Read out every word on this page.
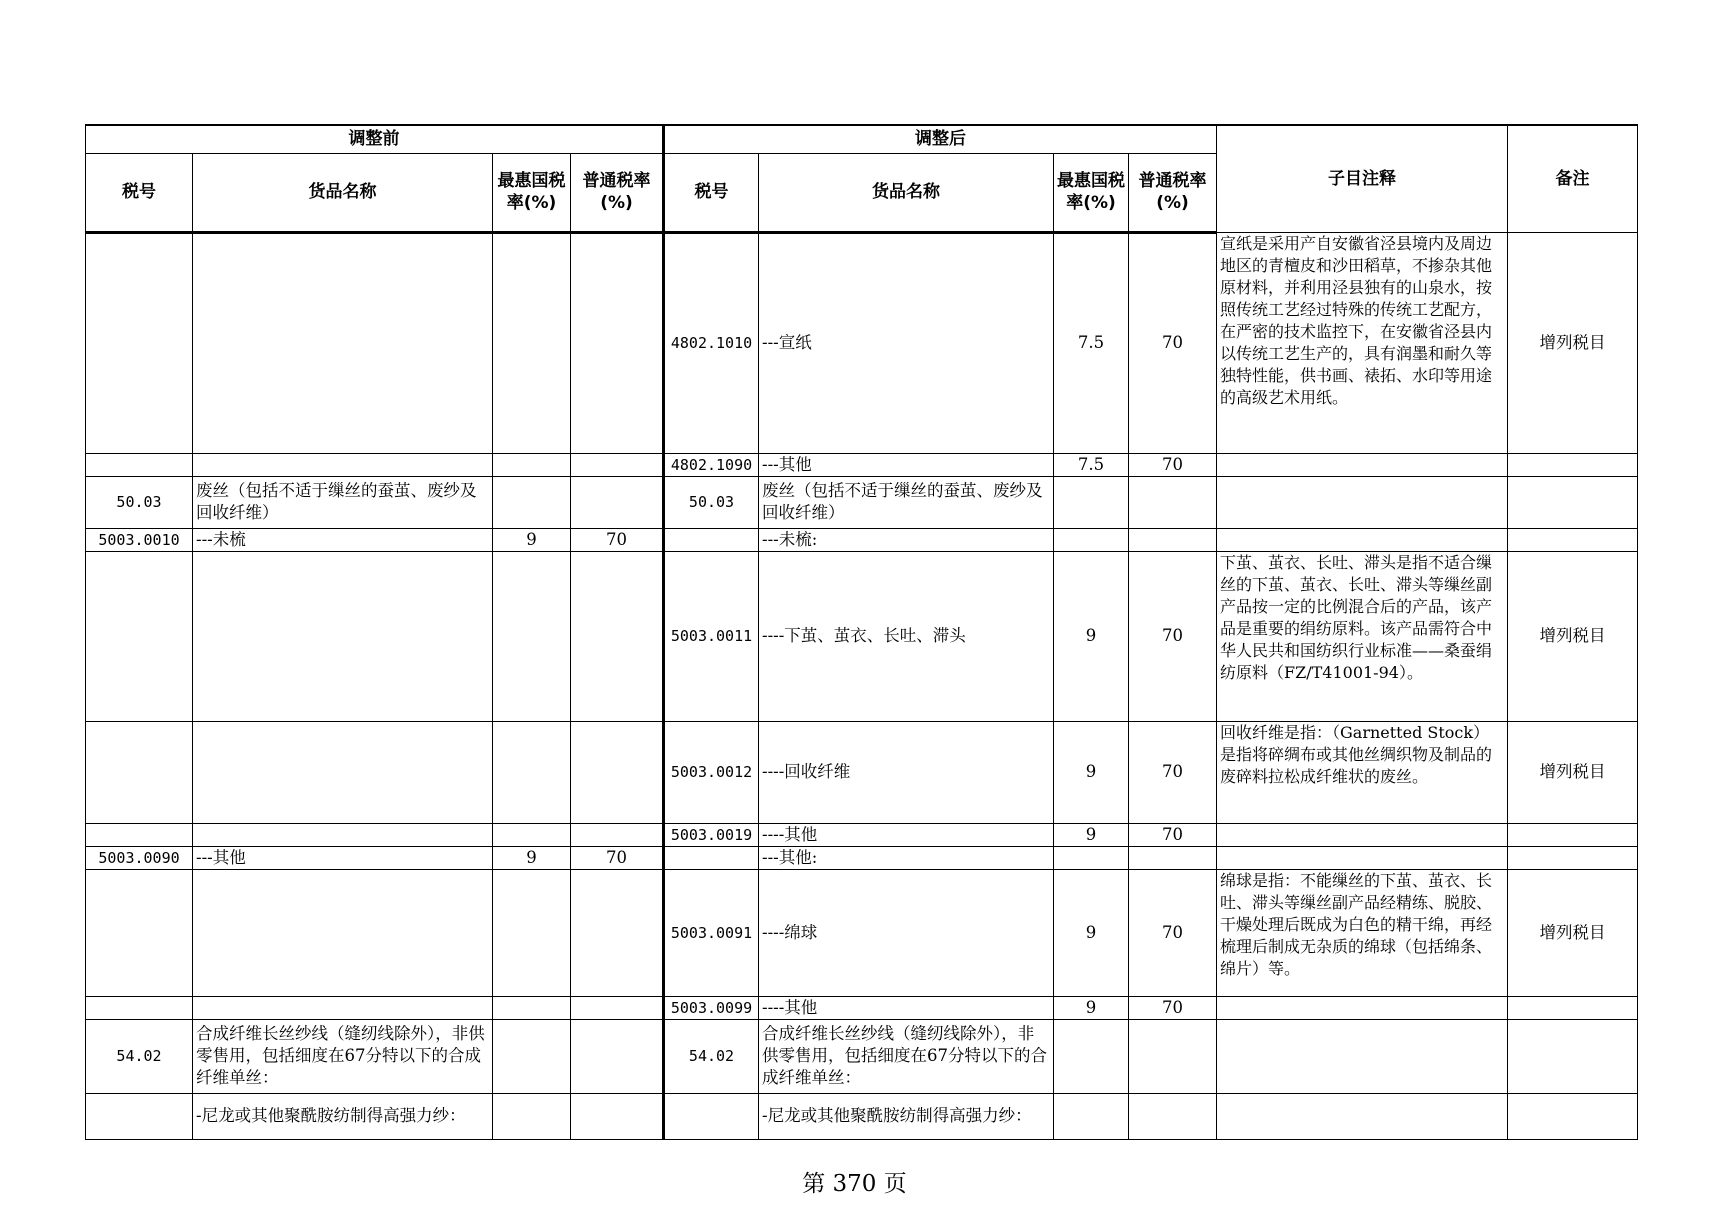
调整前				调整后				子目注释	备注
税号	货品名称	最惠国税率(%)	普通税率(%)	税号	货品名称	最惠国税率(%)	普通税率(%)		
				4802.1010	---宣纸	7.5	70	宣纸是采用产自安徽省泾县境内及周边地区的青檀皮和沙田稻草，不掺杂其他原材料，并利用泾县独有的山泉水，按照传统工艺经过特殊的传统工艺配方，在严密的技术监控下，在安徽省泾县内以传统工艺生产的，具有润墨和耐久等独特性能，供书画、裱拓、水印等用途的高级艺术用纸。	增列税目
				4802.1090	---其他	7.5	70		
50.03	废丝（包括不适于缫丝的蚕茧、废纱及回收纤维）			50.03	废丝（包括不适于缫丝的蚕茧、废纱及回收纤维）				
5003.0010	---未梳	9	70		---未梳:				
				5003.0011	----下茧、茧衣、长吐、滞头	9	70	下茧、茧衣、长吐、滞头是指不适合缫丝的下茧、茧衣、长吐、滞头等缫丝副产品按一定的比例混合后的产品，该产品是重要的绢纺原料。该产品需符合中华人民共和国纺织行业标准——桑蚕绢纺原料（FZ/T41001-94）。	增列税目
				5003.0012	----回收纤维	9	70	回收纤维是指：（Garnetted Stock）是指将碎绸布或其他丝绸织物及制品的废碎料拉松成纤维状的废丝。	增列税目
				5003.0019	----其他	9	70		
5003.0090	---其他	9	70		---其他:				
				5003.0091	----绵球	9	70	绵球是指：不能缫丝的下茧、茧衣、长吐、滞头等缫丝副产品经精练、脱胶、干燥处理后既成为白色的精干绵，再经梳理后制成无杂质的绵球（包括绵条、绵片）等。	增列税目
				5003.0099	----其他	9	70		
54.02	合成纤维长丝纱线（缝纫线除外），非供零售用，包括细度在67分特以下的合成纤维单丝：			54.02	合成纤维长丝纱线（缝纫线除外），非供零售用，包括细度在67分特以下的合成纤维单丝：				
	-尼龙或其他聚酰胺纺制得高强力纱：				-尼龙或其他聚酰胺纺制得高强力纱：				
第 370 页
